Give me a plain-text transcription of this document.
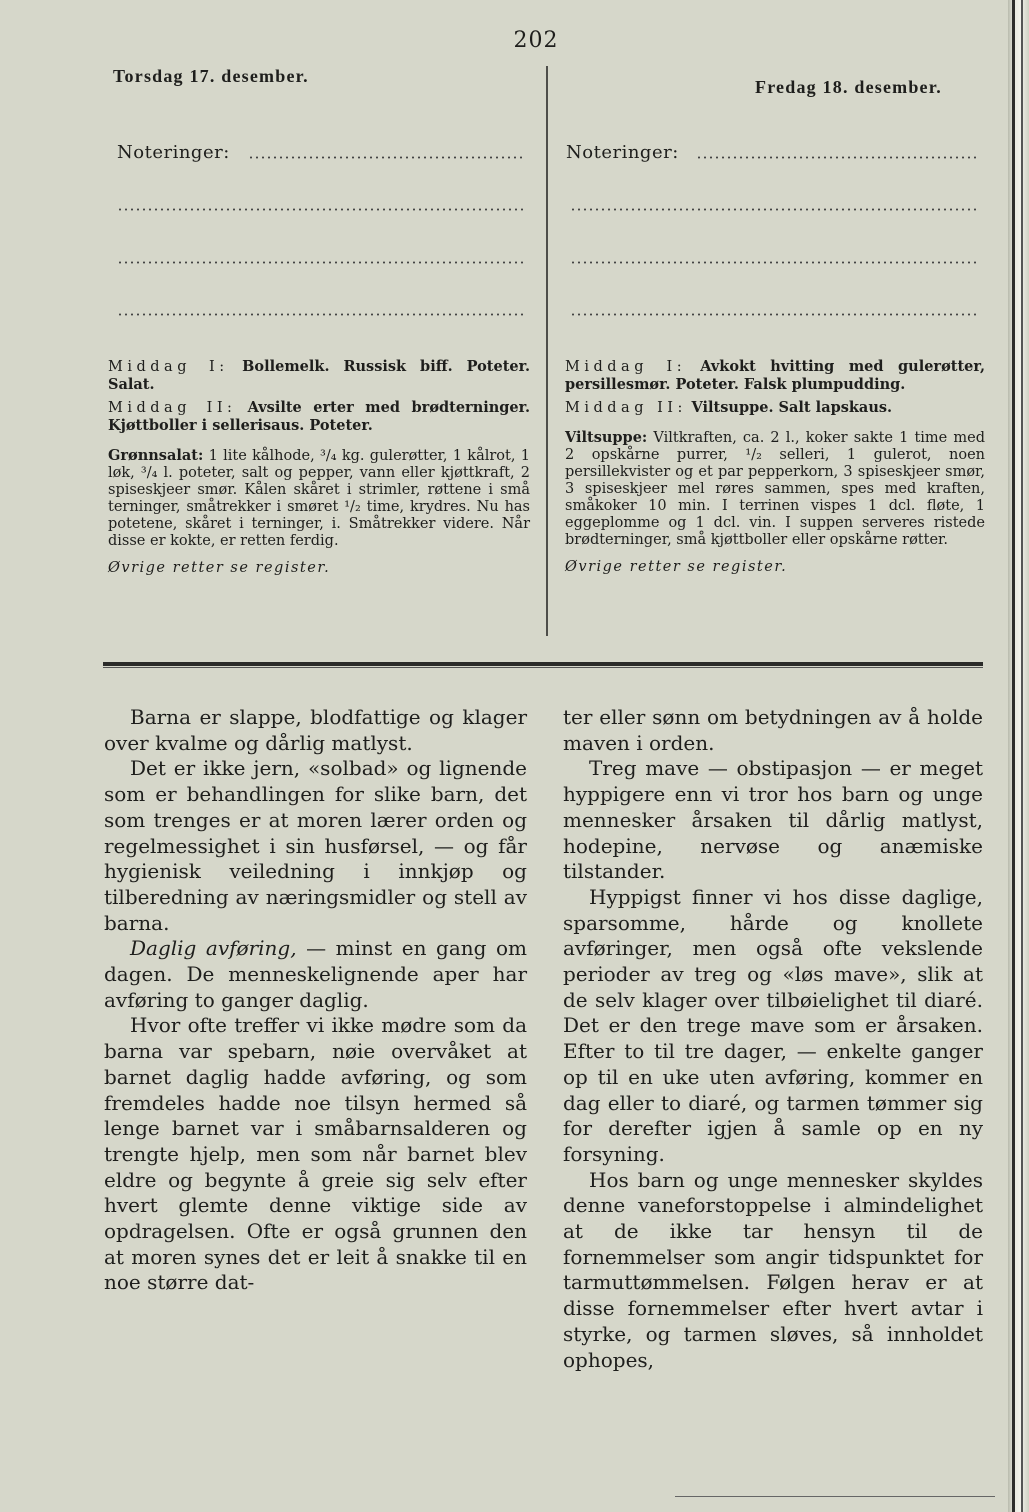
202
Torsdag 17. desember.
Noteringer:

Middag I: Bollemelk. Russisk biff. Poteter. Salat.

Middag II: Avsilte erter med brødterninger. Kjøttboller i sellerisaus. Poteter.

Grønnsalat: 1 lite kålhode, ³/₄ kg. gulerøtter, 1 kålrot, 1 løk, ³/₄ l. poteter, salt og pepper, vann eller kjøttkraft, 2 spiseskjeer smør. Kålen skåret i strimler, røttene i små terninger, småtrekker i smøret ¹/₂ time, krydres. Nu has potetene, skåret i terninger, i. Småtrekker videre. Når disse er kokte, er retten ferdig.

Øvrige retter se register.

Fredag 18. desember.
Noteringer:

Middag I: Avkokt hvitting med gulerøtter, persillesmør. Poteter. Falsk plumpudding.

Middag II: Viltsuppe. Salt lapskaus.

Viltsuppe: Viltkraften, ca. 2 l., koker sakte 1 time med 2 opskårne purrer, ¹/₂ selleri, 1 gulerot, noen persillekvister og et par pepperkorn, 3 spiseskjeer smør, 3 spiseskjeer mel røres sammen, spes med kraften, småkoker 10 min. I terrinen vispes 1 dcl. fløte, 1 eggeplomme og 1 dcl. vin. I suppen serveres ristede brødterninger, små kjøttboller eller opskårne røtter.

Øvrige retter se register.

Barna er slappe, blodfattige og klager over kvalme og dårlig matlyst.

Det er ikke jern, «solbad» og lignende som er behandlingen for slike barn, det som trenges er at moren lærer orden og regelmessighet i sin husførsel, — og får hygienisk veiledning i innkjøp og tilberedning av næringsmidler og stell av barna.

Daglig avføring, — minst en gang om dagen. De menneskelignende aper har avføring to ganger daglig.

Hvor ofte treffer vi ikke mødre som da barna var spebarn, nøie overvåket at barnet daglig hadde avføring, og som fremdeles hadde noe tilsyn hermed så lenge barnet var i småbarnsalderen og trengte hjelp, men som når barnet blev eldre og begynte å greie sig selv efter hvert glemte denne viktige side av opdragelsen. Ofte er også grunnen den at moren synes det er leit å snakke til en noe større dat-

ter eller sønn om betydningen av å holde maven i orden.

Treg mave — obstipasjon — er meget hyppigere enn vi tror hos barn og unge mennesker årsaken til dårlig matlyst, hodepine, nervøse og anæmiske tilstander.

Hyppigst finner vi hos disse daglige, sparsomme, hårde og knollete avføringer, men også ofte vekslende perioder av treg og «løs mave», slik at de selv klager over tilbøielighet til diaré. Det er den trege mave som er årsaken. Efter to til tre dager, — enkelte ganger op til en uke uten avføring, kommer en dag eller to diaré, og tarmen tømmer sig for derefter igjen å samle op en ny forsyning.

Hos barn og unge mennesker skyldes denne vaneforstoppelse i almindelighet at de ikke tar hensyn til de fornemmelser som angir tidspunktet for tarmuttømmelsen. Følgen herav er at disse fornemmelser efter hvert avtar i styrke, og tarmen sløves, så innholdet ophopes,
